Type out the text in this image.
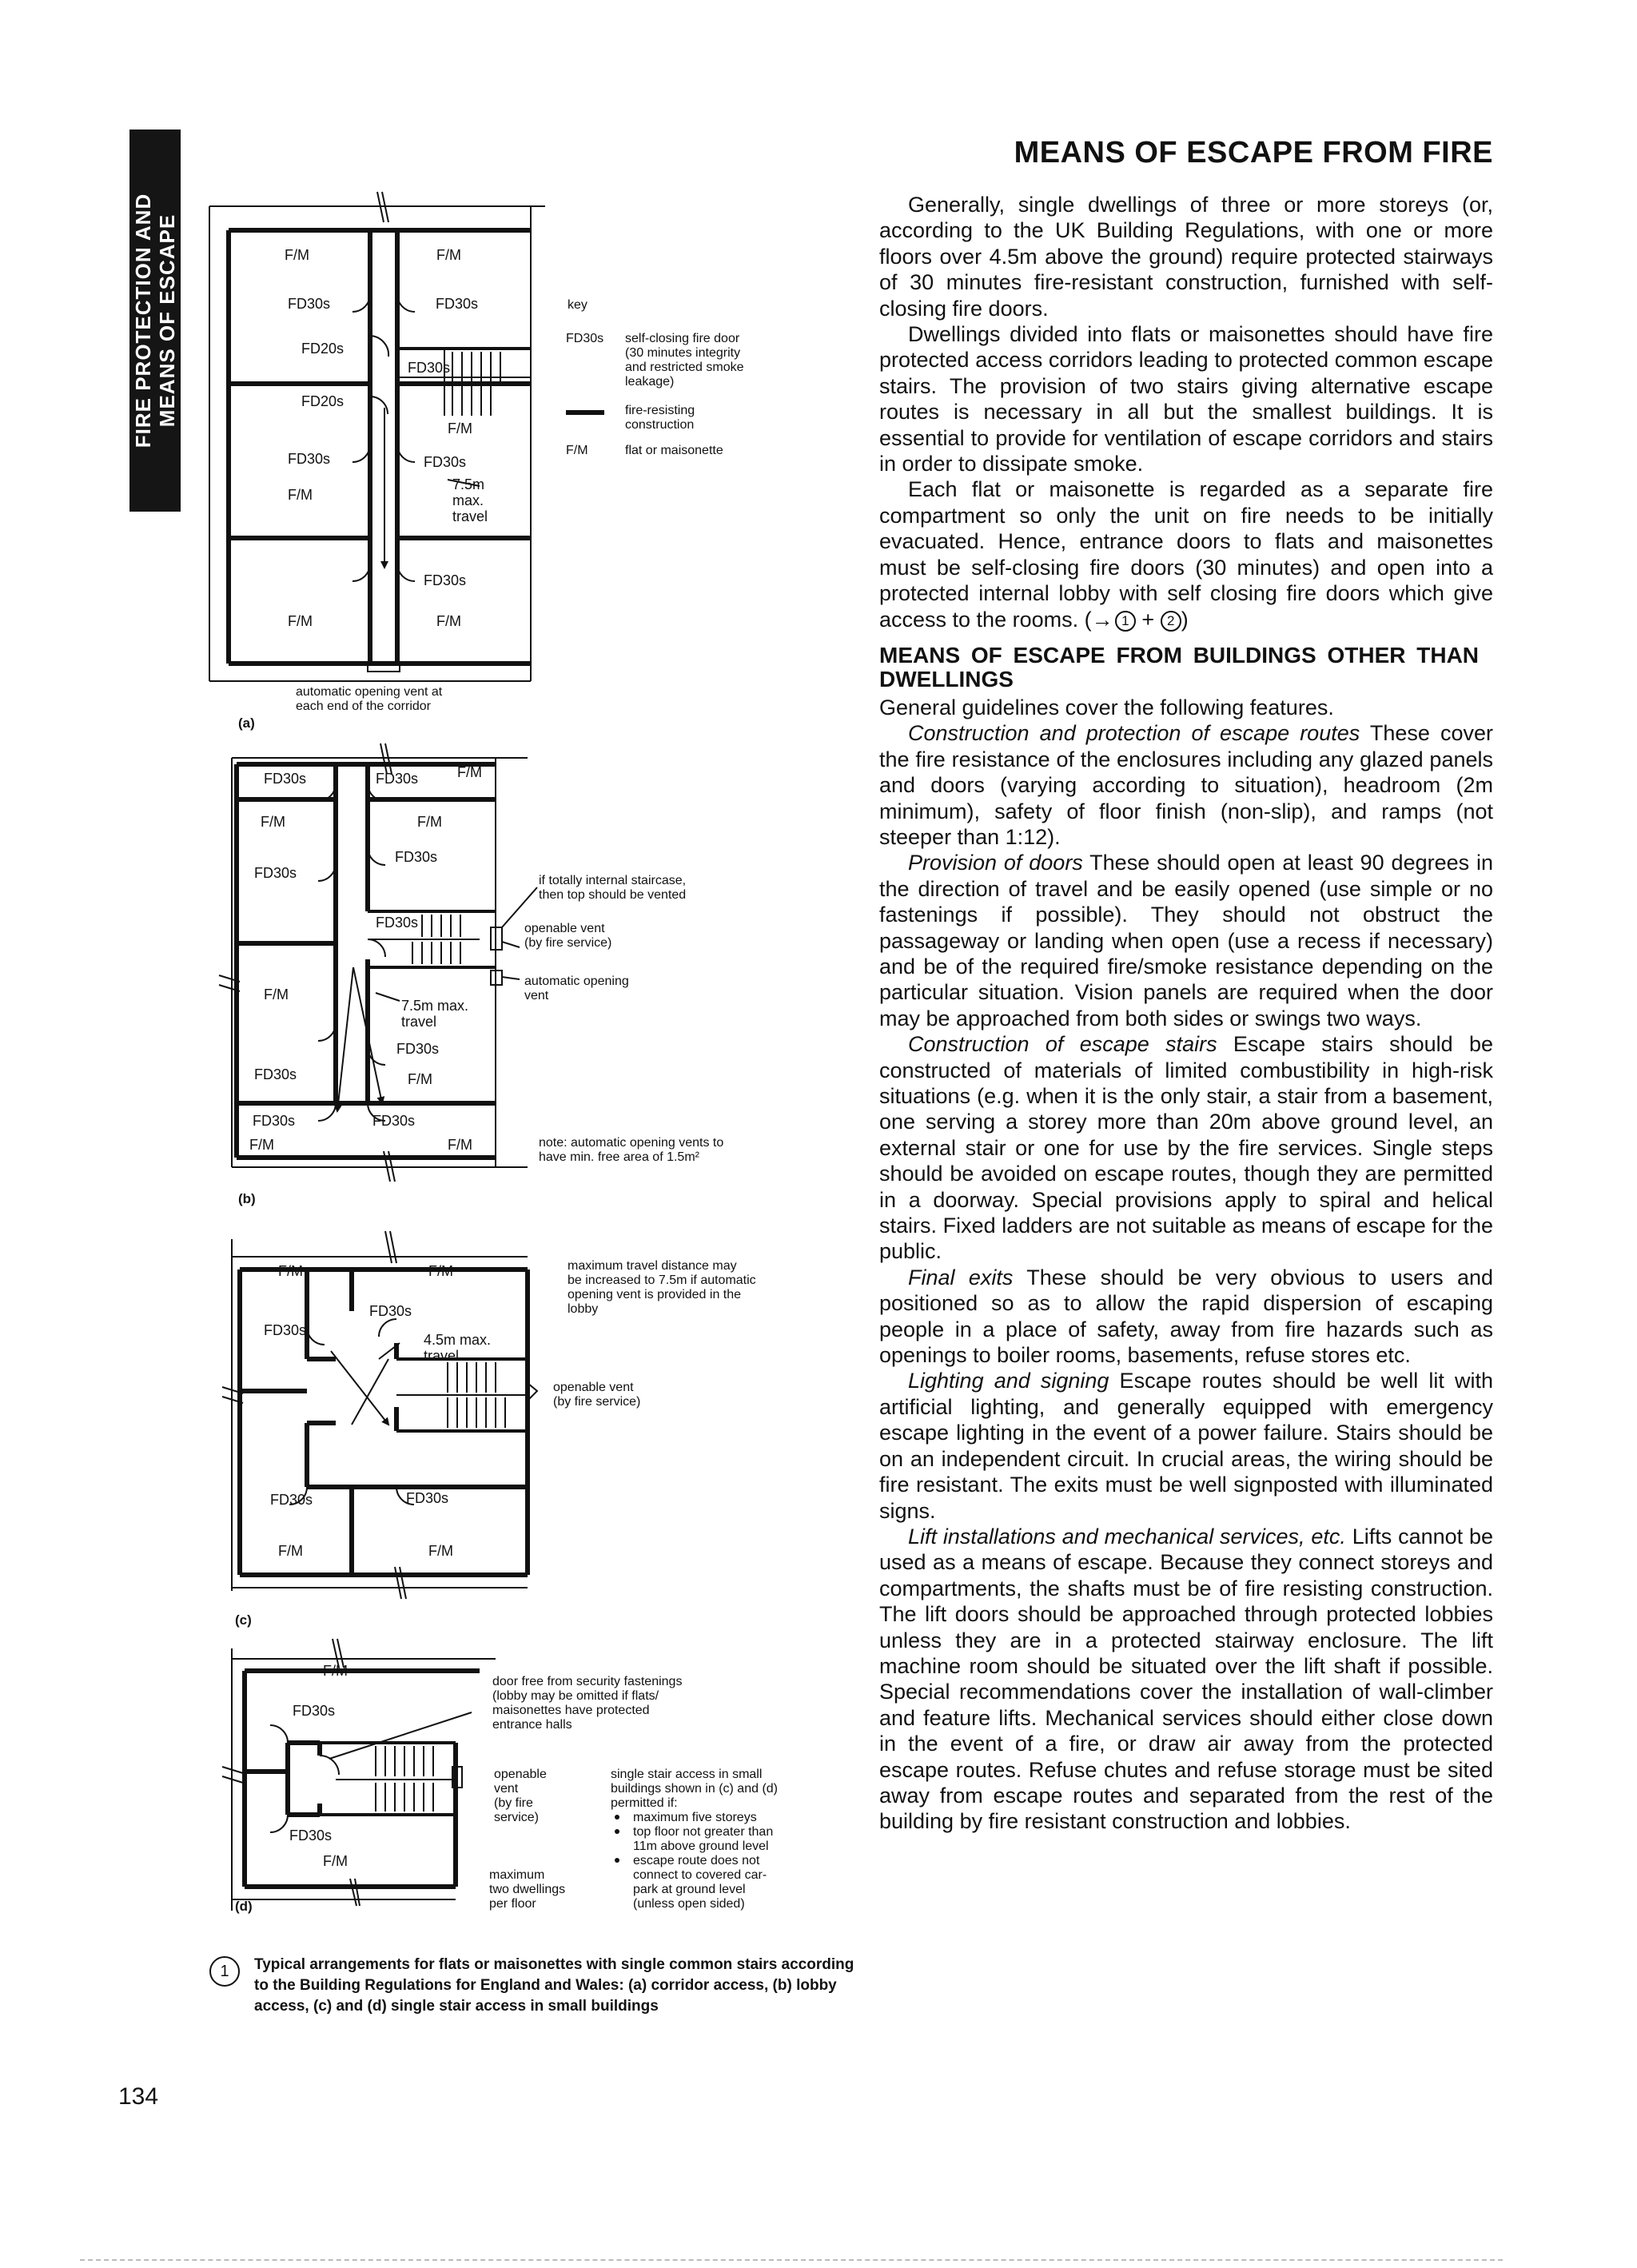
FIRE PROTECTION AND MEANS OF ESCAPE
MEANS OF ESCAPE FROM FIRE

Generally, single dwellings of three or more storeys (or, according to the UK Building Regulations, with one or more floors over 4.5m above the ground) require protected stairways of 30 minutes fire-resistant construction, furnished with self-closing fire doors.

Dwellings divided into flats or maisonettes should have fire protected access corridors leading to protected common escape stairs. The provision of two stairs giving alternative escape routes is necessary in all but the smallest buildings. It is essential to provide for ventilation of escape corridors and stairs in order to dissipate smoke.

Each flat or maisonette is regarded as a separate fire compartment so only the unit on fire needs to be initially evacuated. Hence, entrance doors to flats and maisonettes must be self-closing fire doors (30 minutes) and open into a protected internal lobby with self closing fire doors which give access to the rooms. (→  1 + 2 )

MEANS OF ESCAPE FROM BUILDINGS OTHER THAN DWELLINGS

General guidelines cover the following features.

Construction and protection of escape routes These cover the fire resistance of the enclosures including any glazed panels and doors (varying according to situation), headroom (2m minimum), safety of floor finish (non-slip), and ramps (not steeper than 1:12).

Provision of doors These should open at least 90 degrees in the direction of travel and be easily opened (use simple or no fastenings if possible). They should not obstruct the passageway or landing when open (use a recess if necessary) and be of the required fire/smoke resistance depending on the particular situation. Vision panels are required when the door may be approached from both sides or swings two ways.

Construction of escape stairs Escape stairs should be constructed of materials of limited combustibility in high-risk situations (e.g. when it is the only stair, a stair from a basement, one serving a storey more than 20m above ground level, an external stair or one for use by the fire services. Single steps should be avoided on escape routes, though they are permitted in a doorway. Special provisions apply to spiral and helical stairs. Fixed ladders are not suitable as means of escape for the public.

Final exits These should be very obvious to users and positioned so as to allow the rapid dispersion of escaping people in a place of safety, away from fire hazards such as openings to boiler rooms, basements, refuse stores etc.

Lighting and signing Escape routes should be well lit with artificial lighting, and generally equipped with emergency escape lighting in the event of a power failure. Stairs should be on an independent circuit. In crucial areas, the wiring should be fire resistant. The exits must be well signposted with illuminated signs.

Lift installations and mechanical services, etc. Lifts cannot be used as a means of escape. Because they connect storeys and compartments, the shafts must be of fire resisting construction. The lift doors should be approached through protected lobbies unless they are in a protected stairway enclosure. The lift machine room should be situated over the lift shaft if possible. Special recommendations cover the installation of wall-climber and feature lifts. Mechanical services should either close down in the event of a fire, or draw air away from the protected escape routes. Refuse chutes and refuse storage must be sited away from escape routes and separated from the rest of the building by fire resistant construction and lobbies.

F/M	F/M
FD30s	FD30s
FD20s
FD30s
FD20s
F/M
FD30s	FD30s
F/M
7.5m
max.
travel
FD30s
F/M	F/M
automatic opening vent at
each end of the corridor
(a)
key
FD30s self-closing fire door
(30 minutes integrity
and restricted smoke
leakage)
fire-resisting
construction
F/M	flat or maisonette
FD30s	FD30s	F/M
F/M	F/M
FD30s
FD30s
FD30s
F/M
7.5m max.
travel
FD30s
FD30s	F/M
FD30s	FD30s
F/M	F/M
if totally internal staircase,
then top should be vented
openable vent
(by fire service)
automatic opening
vent
note: automatic opening vents to
have min. free area of 1.5m²
(b)
F/M	F/M
FD30s
FD30s
4.5m max.
travel
FD30s	FD30s
F/M	F/M
maximum travel distance may
be increased to 7.5m if automatic
opening vent is provided in the
lobby
openable vent
(by fire service)
(c)
F/M
FD30s
FD30s
F/M
door free from security fastenings
(lobby may be omitted if flats/
maisonettes have protected
entrance halls
openable
vent
(by fire
service)
single stair access in small
buildings shown in (c) and (d)
permitted if:
maximum five storeys
top floor not greater than
11m above ground level
escape route does not
connect to covered car-
park at ground level
(unless open sided)
maximum
two dwellings
per floor
(d)
1	Typical arrangements for flats or maisonettes with single common stairs according to the Building Regulations for England and Wales: (a) corridor access, (b) lobby access, (c) and (d) single stair access in small buildings
134
